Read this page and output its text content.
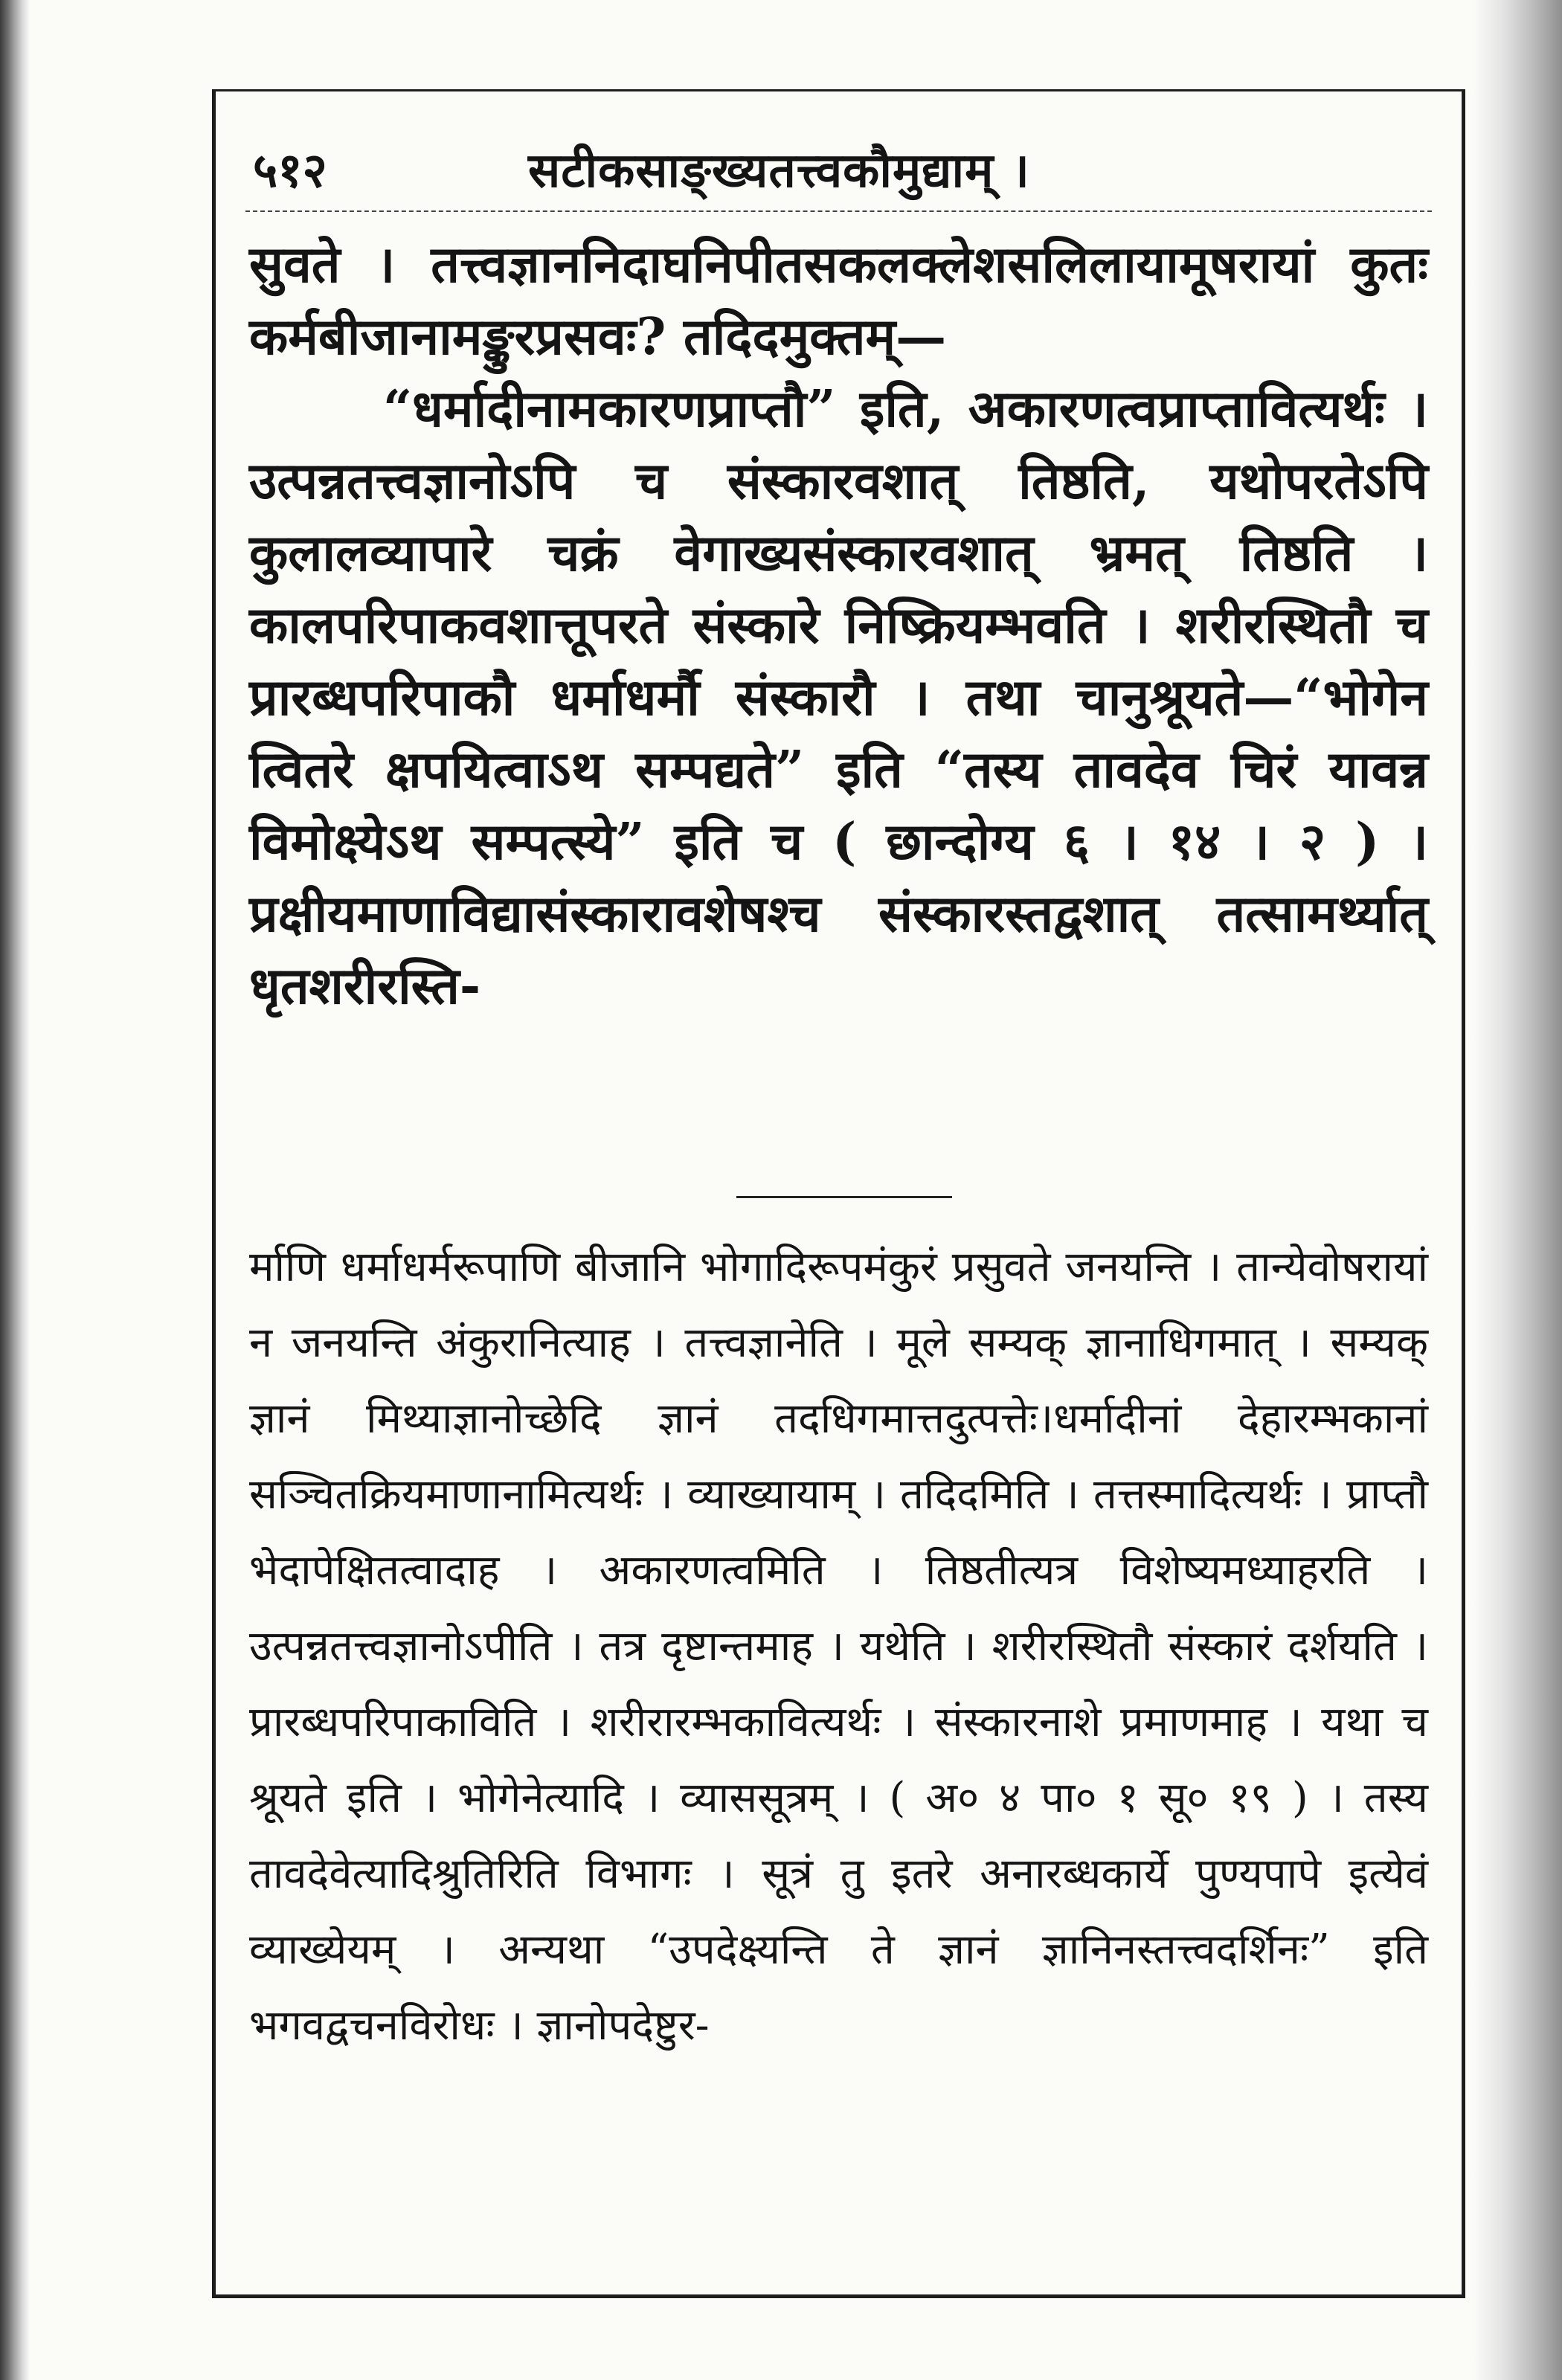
५१२	सटीकसाङ्ख्यतत्त्वकौमुद्याम् ।

सुवते । तत्त्वज्ञाननिदाघनिपीतसकलक्लेशसलिलायामूषरायां कुतः कर्मबीजानामङ्कुरप्रसवः? तदिदमुक्तम्—

“धर्मादीनामकारणप्राप्तौ” इति, अकारणत्वप्राप्तावित्यर्थः । उत्पन्नतत्त्वज्ञानोऽपि च संस्कारवशात् तिष्ठति, यथोपरतेऽपि कुलालव्यापारे चक्रं वेगाख्यसंस्कारवशात् भ्रमत् तिष्ठति । कालपरिपाकवशात्तूपरते संस्कारे निष्क्रियम्भवति । शरीरस्थितौ च प्रारब्धपरिपाकौ धर्माधर्मौ संस्कारौ । तथा चानुश्रूयते—“भोगेन त्वितरे क्षपयित्वाऽथ सम्पद्यते” इति “तस्य तावदेव चिरं यावन्न विमोक्ष्येऽथ सम्पत्स्ये” इति च ( छान्दोग्य ६ । १४ । २ ) । प्रक्षीयमाणाविद्यासंस्कारावशेषश्च संस्कारस्तद्वशात् तत्सामर्थ्यात् धृतशरीरस्ति-

र्माणि धर्माधर्मरूपाणि बीजानि भोगादिरूपमंकुरं प्रसुवते जनयन्ति । तान्येवोषरायां न जनयन्ति अंकुरानित्याह । तत्त्वज्ञानेति । मूले सम्यक् ज्ञानाधिगमात् । सम्यक् ज्ञानं मिथ्याज्ञानोच्छेदि ज्ञानं तदधिगमात्तदुत्पत्तेः।धर्मादीनां देहारम्भकानां सञ्चितक्रियमाणानामित्यर्थः । व्याख्यायाम् । तदिदमिति । तत्तस्मादित्यर्थः । प्राप्तौ भेदापेक्षितत्वादाह । अकारणत्वमिति । तिष्ठतीत्यत्र विशेष्यमध्याहरति । उत्पन्नतत्त्वज्ञानोऽपीति । तत्र दृष्टान्तमाह । यथेति । शरीरस्थितौ संस्कारं दर्शयति । प्रारब्धपरिपाकाविति । शरीरारम्भकावित्यर्थः । संस्कारनाशे प्रमाणमाह । यथा च श्रूयते इति । भोगेनेत्यादि । व्याससूत्रम् । ( अ० ४ पा० १ सू० १९ ) । तस्य तावदेवेत्यादिश्रुतिरिति विभागः । सूत्रं तु इतरे अनारब्धकार्ये पुण्यपापे इत्येवं व्याख्येयम् । अन्यथा “उपदेक्ष्यन्ति ते ज्ञानं ज्ञानिनस्तत्त्वदर्शिनः” इति भगवद्वचनविरोधः । ज्ञानोपदेष्टुर-
